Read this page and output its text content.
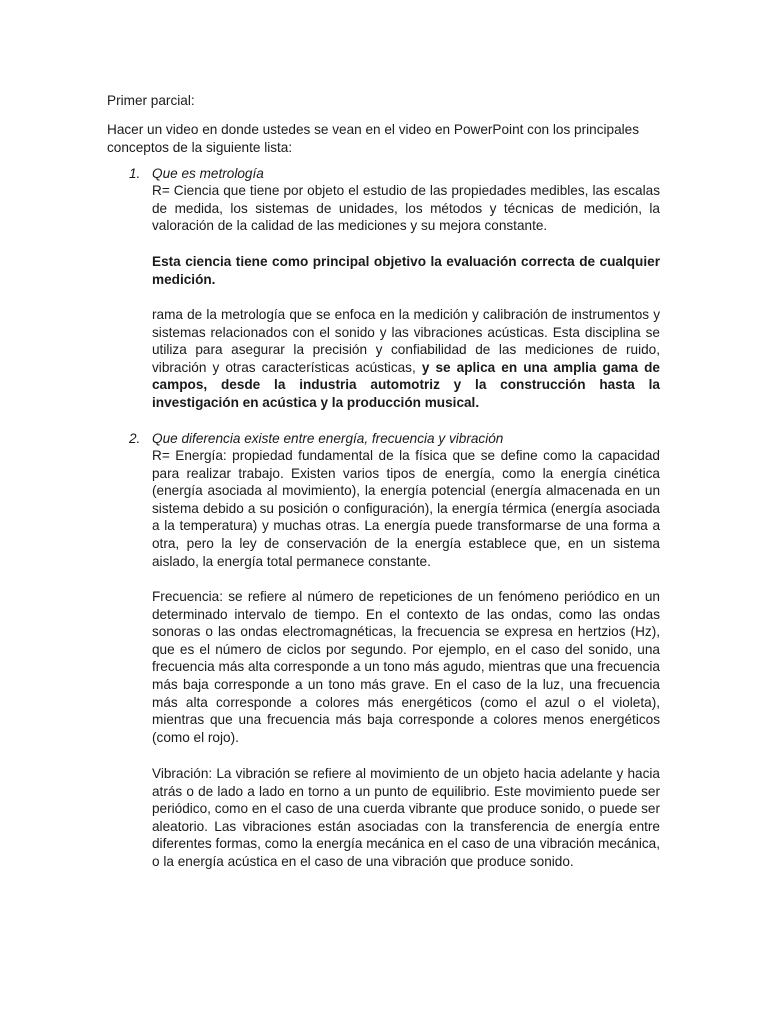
Primer parcial:
Hacer un video en donde ustedes se vean en el video en PowerPoint con los principales conceptos de la siguiente lista:
1. Que es metrología
R= Ciencia que tiene por objeto el estudio de las propiedades medibles, las escalas de medida, los sistemas de unidades, los métodos y técnicas de medición, la valoración de la calidad de las mediciones y su mejora constante.
Esta ciencia tiene como principal objetivo la evaluación correcta de cualquier medición.
rama de la metrología que se enfoca en la medición y calibración de instrumentos y sistemas relacionados con el sonido y las vibraciones acústicas. Esta disciplina se utiliza para asegurar la precisión y confiabilidad de las mediciones de ruido, vibración y otras características acústicas, y se aplica en una amplia gama de campos, desde la industria automotriz y la construcción hasta la investigación en acústica y la producción musical.
2. Que diferencia existe entre energía, frecuencia y vibración
R= Energía: propiedad fundamental de la física que se define como la capacidad para realizar trabajo. Existen varios tipos de energía, como la energía cinética (energía asociada al movimiento), la energía potencial (energía almacenada en un sistema debido a su posición o configuración), la energía térmica (energía asociada a la temperatura) y muchas otras. La energía puede transformarse de una forma a otra, pero la ley de conservación de la energía establece que, en un sistema aislado, la energía total permanece constante.
Frecuencia: se refiere al número de repeticiones de un fenómeno periódico en un determinado intervalo de tiempo. En el contexto de las ondas, como las ondas sonoras o las ondas electromagnéticas, la frecuencia se expresa en hertzios (Hz), que es el número de ciclos por segundo. Por ejemplo, en el caso del sonido, una frecuencia más alta corresponde a un tono más agudo, mientras que una frecuencia más baja corresponde a un tono más grave. En el caso de la luz, una frecuencia más alta corresponde a colores más energéticos (como el azul o el violeta), mientras que una frecuencia más baja corresponde a colores menos energéticos (como el rojo).
Vibración: La vibración se refiere al movimiento de un objeto hacia adelante y hacia atrás o de lado a lado en torno a un punto de equilibrio. Este movimiento puede ser periódico, como en el caso de una cuerda vibrante que produce sonido, o puede ser aleatorio. Las vibraciones están asociadas con la transferencia de energía entre diferentes formas, como la energía mecánica en el caso de una vibración mecánica, o la energía acústica en el caso de una vibración que produce sonido.
